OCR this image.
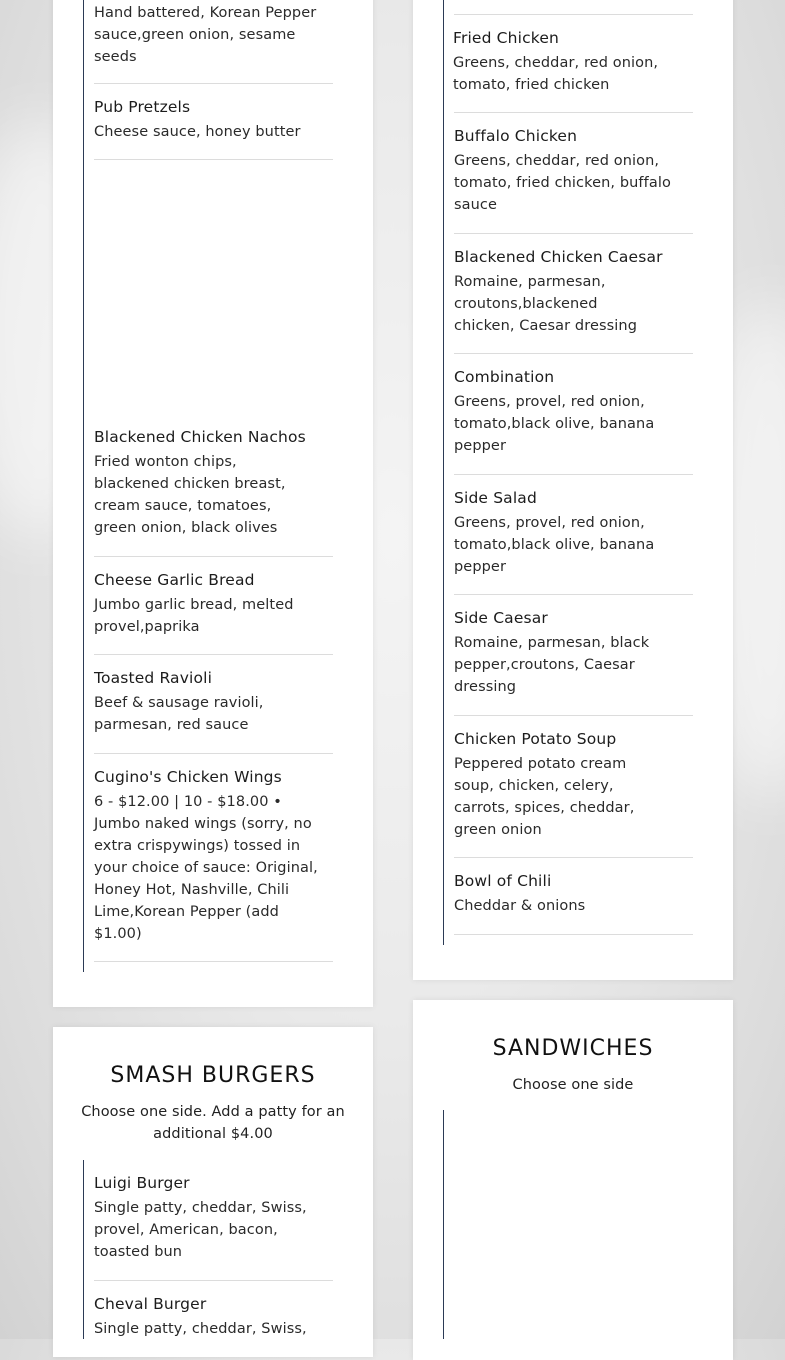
Hand battered, Korean Pepper sauce,green onion, sesame seeds
Pub Pretzels
Cheese sauce, honey butter
Blackened Chicken Nachos
Fried wonton chips, blackened chicken breast, cream sauce, tomatoes, green onion, black olives
Cheese Garlic Bread
Jumbo garlic bread, melted provel,paprika
Toasted Ravioli
Beef & sausage ravioli, parmesan, red sauce
Cugino's Chicken Wings
6 - $12.00 | 10 - $18.00 • Jumbo naked wings (sorry, no extra crispywings) tossed in your choice of sauce: Original, Honey Hot, Nashville, Chili Lime,Korean Pepper (add $1.00)
Fried Chicken
Greens, cheddar, red onion, tomato, fried chicken
Buffalo Chicken
Greens, cheddar, red onion, tomato, fried chicken, buffalo sauce
Blackened Chicken Caesar
Romaine, parmesan, croutons,blackened chicken, Caesar dressing
Combination
Greens, provel, red onion, tomato,black olive, banana pepper
Side Salad
Greens, provel, red onion, tomato,black olive, banana pepper
Side Caesar
Romaine, parmesan, black pepper,croutons, Caesar dressing
Chicken Potato Soup
Peppered potato cream soup, chicken, celery, carrots, spices, cheddar, green onion
Bowl of Chili
Cheddar & onions
SMASH BURGERS
Choose one side. Add a patty for an additional $4.00
Luigi Burger
Single patty, cheddar, Swiss, provel, American, bacon, toasted bun
Cheval Burger
Single patty, cheddar, Swiss,
SANDWICHES
Choose one side
